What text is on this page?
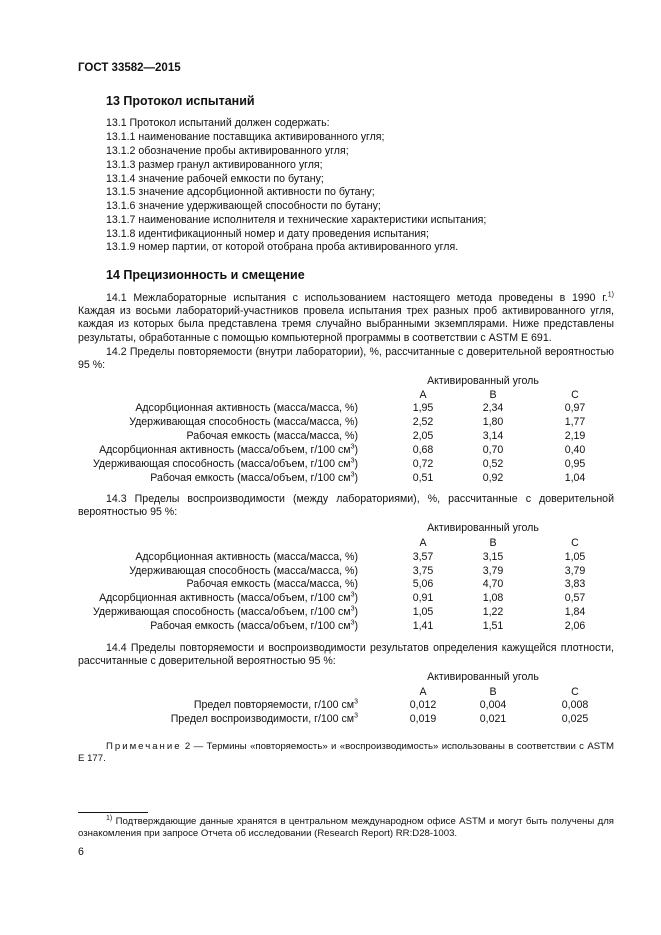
ГОСТ 33582—2015
13 Протокол испытаний
13.1 Протокол испытаний должен содержать:
13.1.1 наименование поставщика активированного угля;
13.1.2 обозначение пробы активированного угля;
13.1.3 размер гранул активированного угля;
13.1.4 значение рабочей емкости по бутану;
13.1.5 значение адсорбционной активности по бутану;
13.1.6 значение удерживающей способности по бутану;
13.1.7 наименование исполнителя и технические характеристики испытания;
13.1.8 идентификационный номер и дату проведения испытания;
13.1.9 номер партии, от которой отобрана проба активированного угля.
14 Прецизионность и смещение
14.1 Межлабораторные испытания с использованием настоящего метода проведены в 1990 г.$^{1)}$ Каждая из восьми лабораторий-участников провела испытания трех разных проб активированного угля, каждая из которых была представлена тремя случайно выбранными экземплярами. Ниже представлены результаты, обработанные с помощью компьютерной программы в соответствии с ASTM E 691.
14.2 Пределы повторяемости (внутри лаборатории), %, рассчитанные с доверительной вероятностью 95 %:
Активированный уголь
A	B	C
Адсорбционная активность (масса/масса, %)	1,95	2,34	0,97
Удерживающая способность (масса/масса, %)	2,52	1,80	1,77
Рабочая емкость (масса/масса, %)	2,05	3,14	2,19
Адсорбционная активность (масса/объем, г/100 $см^3$)	0,68	0,70	0,40
Удерживающая способность (масса/объем, г/100 $см^3$)	0,72	0,52	0,95
Рабочая емкость (масса/объем, г/100 $см^3$)	0,51	0,92	1,04
14.3 Пределы воспроизводимости (между лабораториями), %, рассчитанные с доверительной вероятностью 95 %:
Активированный уголь
A	B	C
Адсорбционная активность (масса/масса, %)	3,57	3,15	1,05
Удерживающая способность (масса/масса, %)	3,75	3,79	3,79
Рабочая емкость (масса/масса, %)	5,06	4,70	3,83
Адсорбционная активность (масса/объем, г/100 $см^3$)	0,91	1,08	0,57
Удерживающая способность (масса/объем, г/100 $см^3$)	1,05	1,22	1,84
Рабочая емкость (масса/объем, г/100 $см^3$)	1,41	1,51	2,06
14.4 Пределы повторяемости и воспроизводимости результатов определения кажущейся плотности, рассчитанные с доверительной вероятностью 95 %:
Активированный уголь
A	B	C
Предел повторяемости, г/100 $см^3$	0,012	0,004	0,008
Предел воспроизводимости, г/100 $см^3$	0,019	0,021	0,025
Примечание 2 — Термины «повторяемость» и «воспроизводимость» использованы в соответствии с ASTM E 177.
$^{1)}$ Подтверждающие данные хранятся в центральном международном офисе ASTM и могут быть получены для ознакомления при запросе Отчета об исследовании (Research Report) RR:D28-1003.
6
